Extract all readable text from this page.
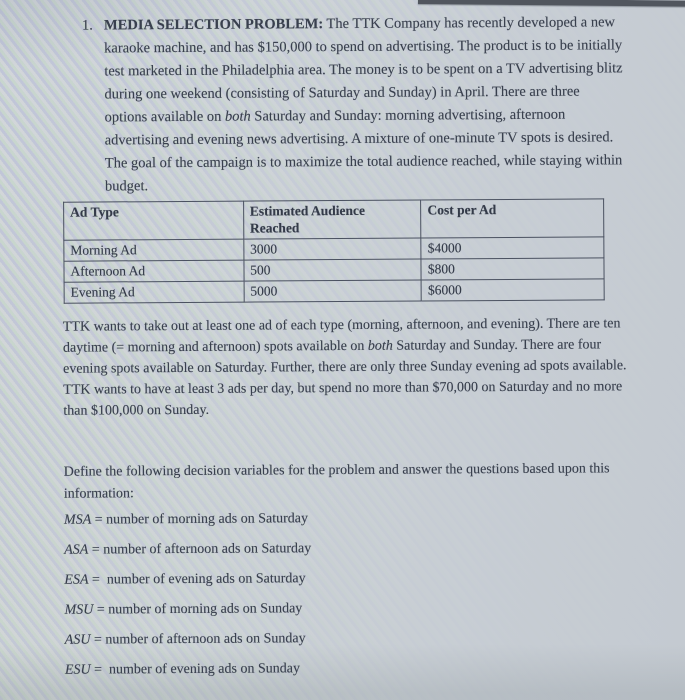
1. MEDIA SELECTION PROBLEM: The TTK Company has recently developed a new karaoke machine, and has $150,000 to spend on advertising. The product is to be initially test marketed in the Philadelphia area. The money is to be spent on a TV advertising blitz during one weekend (consisting of Saturday and Sunday) in April. There are three options available on both Saturday and Sunday: morning advertising, afternoon advertising and evening news advertising. A mixture of one-minute TV spots is desired. The goal of the campaign is to maximize the total audience reached, while staying within budget.
Ad Type	Estimated Audience Reached	Cost per Ad
Morning Ad	3000	$4000
Afternoon Ad	500	$800
Evening Ad	5000	$6000
TTK wants to take out at least one ad of each type (morning, afternoon, and evening). There are ten daytime (= morning and afternoon) spots available on both Saturday and Sunday. There are four evening spots available on Saturday. Further, there are only three Sunday evening ad spots available. TTK wants to have at least 3 ads per day, but spend no more than $70,000 on Saturday and no more than $100,000 on Sunday.
Define the following decision variables for the problem and answer the questions based upon this information:
MSA = number of morning ads on Saturday
ASA = number of afternoon ads on Saturday
ESA =  number of evening ads on Saturday
MSU = number of morning ads on Sunday
ASU = number of afternoon ads on Sunday
ESU =  number of evening ads on Sunday
